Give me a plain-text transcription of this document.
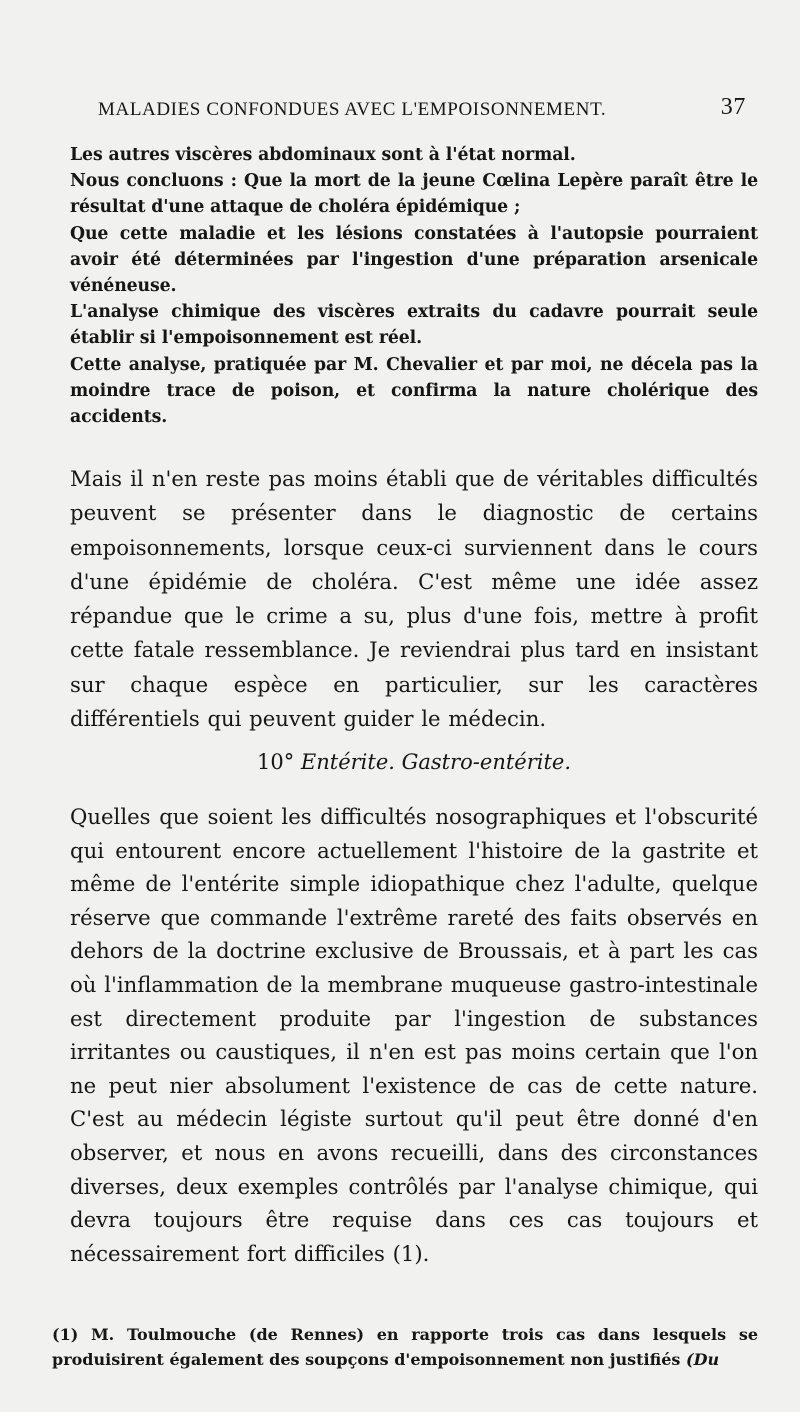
MALADIES CONFONDUES AVEC L'EMPOISONNEMENT.	37

Les autres viscères abdominaux sont à l'état normal.

Nous concluons : Que la mort de la jeune Cœlina Lepère paraît être le résultat d'une attaque de choléra épidémique ;

Que cette maladie et les lésions constatées à l'autopsie pourraient avoir été déterminées par l'ingestion d'une préparation arsenicale vénéneuse.

L'analyse chimique des viscères extraits du cadavre pourrait seule établir si l'empoisonnement est réel.

Cette analyse, pratiquée par M. Chevalier et par moi, ne décela pas la moindre trace de poison, et confirma la nature cholérique des accidents.

Mais il n'en reste pas moins établi que de véritables difficultés peuvent se présenter dans le diagnostic de certains empoisonnements, lorsque ceux-ci surviennent dans le cours d'une épidémie de choléra. C'est même une idée assez répandue que le crime a su, plus d'une fois, mettre à profit cette fatale ressemblance. Je reviendrai plus tard en insistant sur chaque espèce en particulier, sur les caractères différentiels qui peuvent guider le médecin.

10° Entérite. Gastro-entérite.

Quelles que soient les difficultés nosographiques et l'obscurité qui entourent encore actuellement l'histoire de la gastrite et même de l'entérite simple idiopathique chez l'adulte, quelque réserve que commande l'extrême rareté des faits observés en dehors de la doctrine exclusive de Broussais, et à part les cas où l'inflammation de la membrane muqueuse gastro-intestinale est directement produite par l'ingestion de substances irritantes ou caustiques, il n'en est pas moins certain que l'on ne peut nier absolument l'existence de cas de cette nature. C'est au médecin légiste surtout qu'il peut être donné d'en observer, et nous en avons recueilli, dans des circonstances diverses, deux exemples contrôlés par l'analyse chimique, qui devra toujours être requise dans ces cas toujours et nécessairement fort difficiles (1).

(1) M. Toulmouche (de Rennes) en rapporte trois cas dans lesquels se produisirent également des soupçons d'empoisonnement non justifiés (Du
